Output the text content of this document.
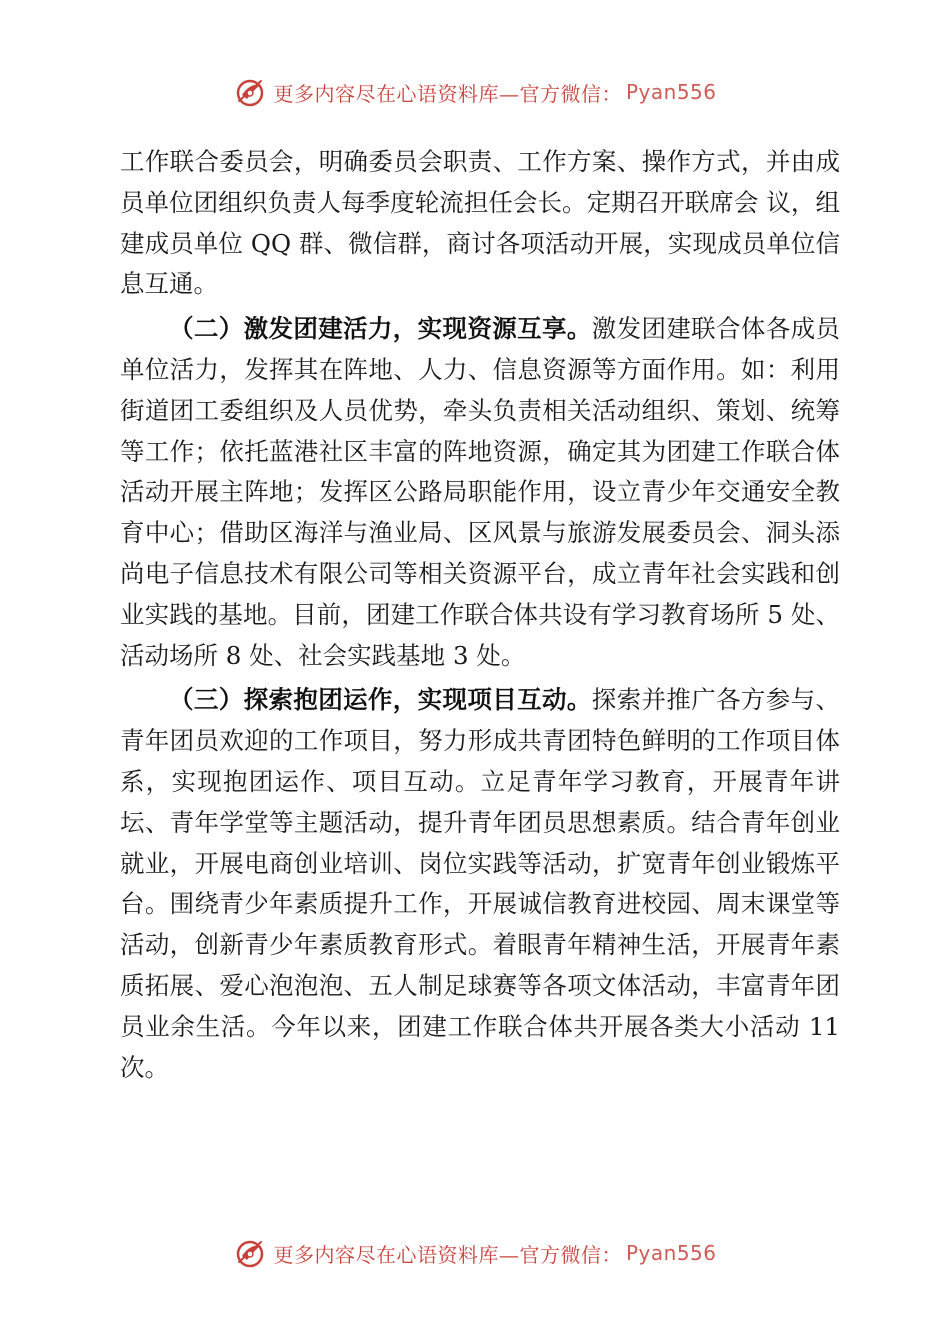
更多内容尽在心语资料库—官方微信： Pyan556

工作联合委员会，明确委员会职责、工作方案、操作方式，并由成员单位团组织负责人每季度轮流担任会长。定期召开联席会 议，组建成员单位 QQ 群、微信群，商讨各项活动开展，实现成员单位信息互通。

（二）激发团建活力，实现资源互享。激发团建联合体各成员单位活力，发挥其在阵地、人力、信息资源等方面作用。如：利用街道团工委组织及人员优势，牵头负责相关活动组织、策划、统筹等工作；依托蓝港社区丰富的阵地资源，确定其为团建工作联合体活动开展主阵地；发挥区公路局职能作用，设立青少年交通安全教育中心；借助区海洋与渔业局、区风景与旅游发展委员会、洞头添尚电子信息技术有限公司等相关资源平台，成立青年社会实践和创业实践的基地。目前，团建工作联合体共设有学习教育场所 5 处、活动场所 8 处、社会实践基地 3 处。

（三）探索抱团运作，实现项目互动。探索并推广各方参与、青年团员欢迎的工作项目，努力形成共青团特色鲜明的工作项目体系，实现抱团运作、项目互动。立足青年学习教育，开展青年讲坛、青年学堂等主题活动，提升青年团员思想素质。结合青年创业就业，开展电商创业培训、岗位实践等活动，扩宽青年创业锻炼平台。围绕青少年素质提升工作，开展诚信教育进校园、周末课堂等活动，创新青少年素质教育形式。着眼青年精神生活，开展青年素质拓展、爱心泡泡泡、五人制足球赛等各项文体活动，丰富青年团员业余生活。今年以来，团建工作联合体共开展各类大小活动 11 次。

更多内容尽在心语资料库—官方微信： Pyan556
